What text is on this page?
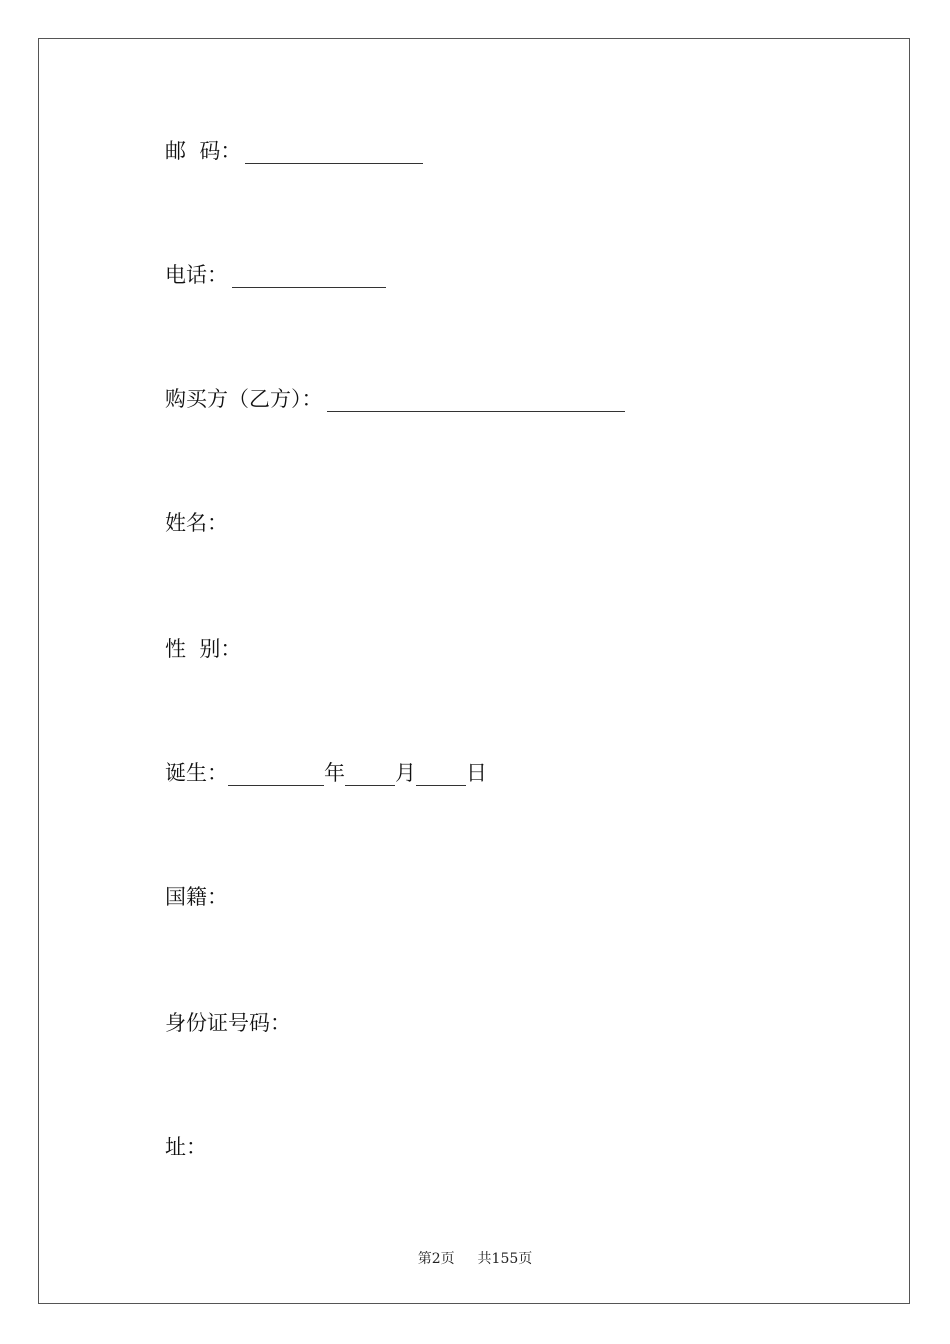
邮  码：
电话：
购买方（乙方）：
姓名：
性  别：
诞生：	年 月 日
国籍：
身份证号码：
址：
第2页 共155页
